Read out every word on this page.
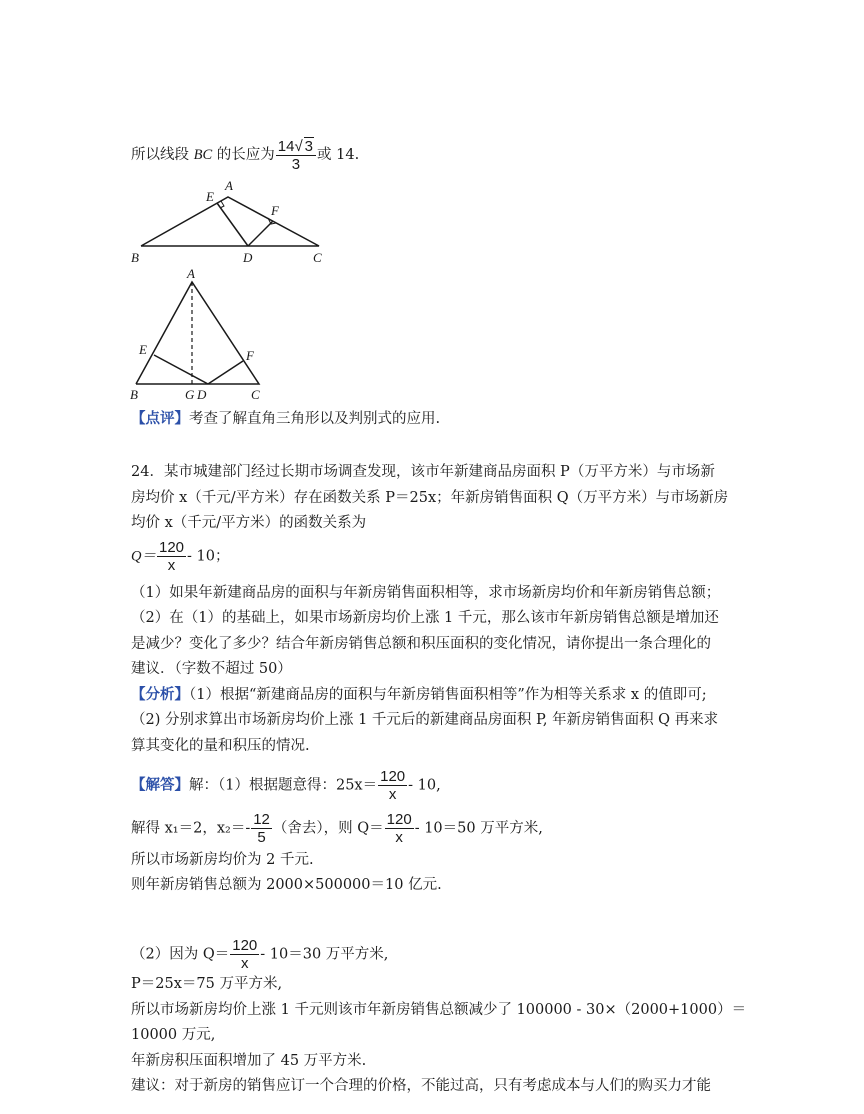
所以线段 BC 的长应为 $\frac{14√ 3}{3}$ 或 14.
A
E
F
B	D	C
A
E	F
B	G D	C
【点评】考查了解直角三角形以及判别式的应用.
24．某市城建部门经过长期市场调查发现，该市年新建商品房面积 P（万平方米）与市场新
房均价 x（千元/平方米）存在函数关系 P＝25x；年新房销售面积 Q（万平方米）与市场新房
均价 x（千元/平方米）的函数关系为
$Q= \frac{120}{x} - 10$；
（1）如果年新建商品房的面积与年新房销售面积相等，求市场新房均价和年新房销售总额；
（2）在（1）的基础上，如果市场新房均价上涨 1 千元，那么该市年新房销售总额是增加还
是减少？变化了多少？结合年新房销售总额和积压面积的变化情况，请你提出一条合理化的
建议．（字数不超过 50）
【分析】（1）根据“新建商品房的面积与年新房销售面积相等”作为相等关系求 x 的值即可;
（2) 分别求算出市场新房均价上涨 1 千元后的新建商品房面积 P, 年新房销售面积 Q 再来求
算其变化的量和积压的情况.
【解答】解：（1）根据题意得：$25x= \frac{120}{x} - 10$,
解得 x₁＝2，$x_2=- \frac{12}{5}$ （舍去），则 $Q= \frac{120}{x} - 10=50$ 万平方米,
所以市场新房均价为 2 千元.
则年新房销售总额为 2000×500000＝10 亿元.
（2）因为 $Q= \frac{120}{x} - 10=30$ 万平方米,
P＝25x＝75 万平方米,
所以市场新房均价上涨 1 千元则该市年新房销售总额减少了 100000 - 30×（2000+1000）＝
10000 万元,
年新房积压面积增加了 45 万平方米.
建议：对于新房的销售应订一个合理的价格，不能过高，只有考虑成本与人们的购买力才能
